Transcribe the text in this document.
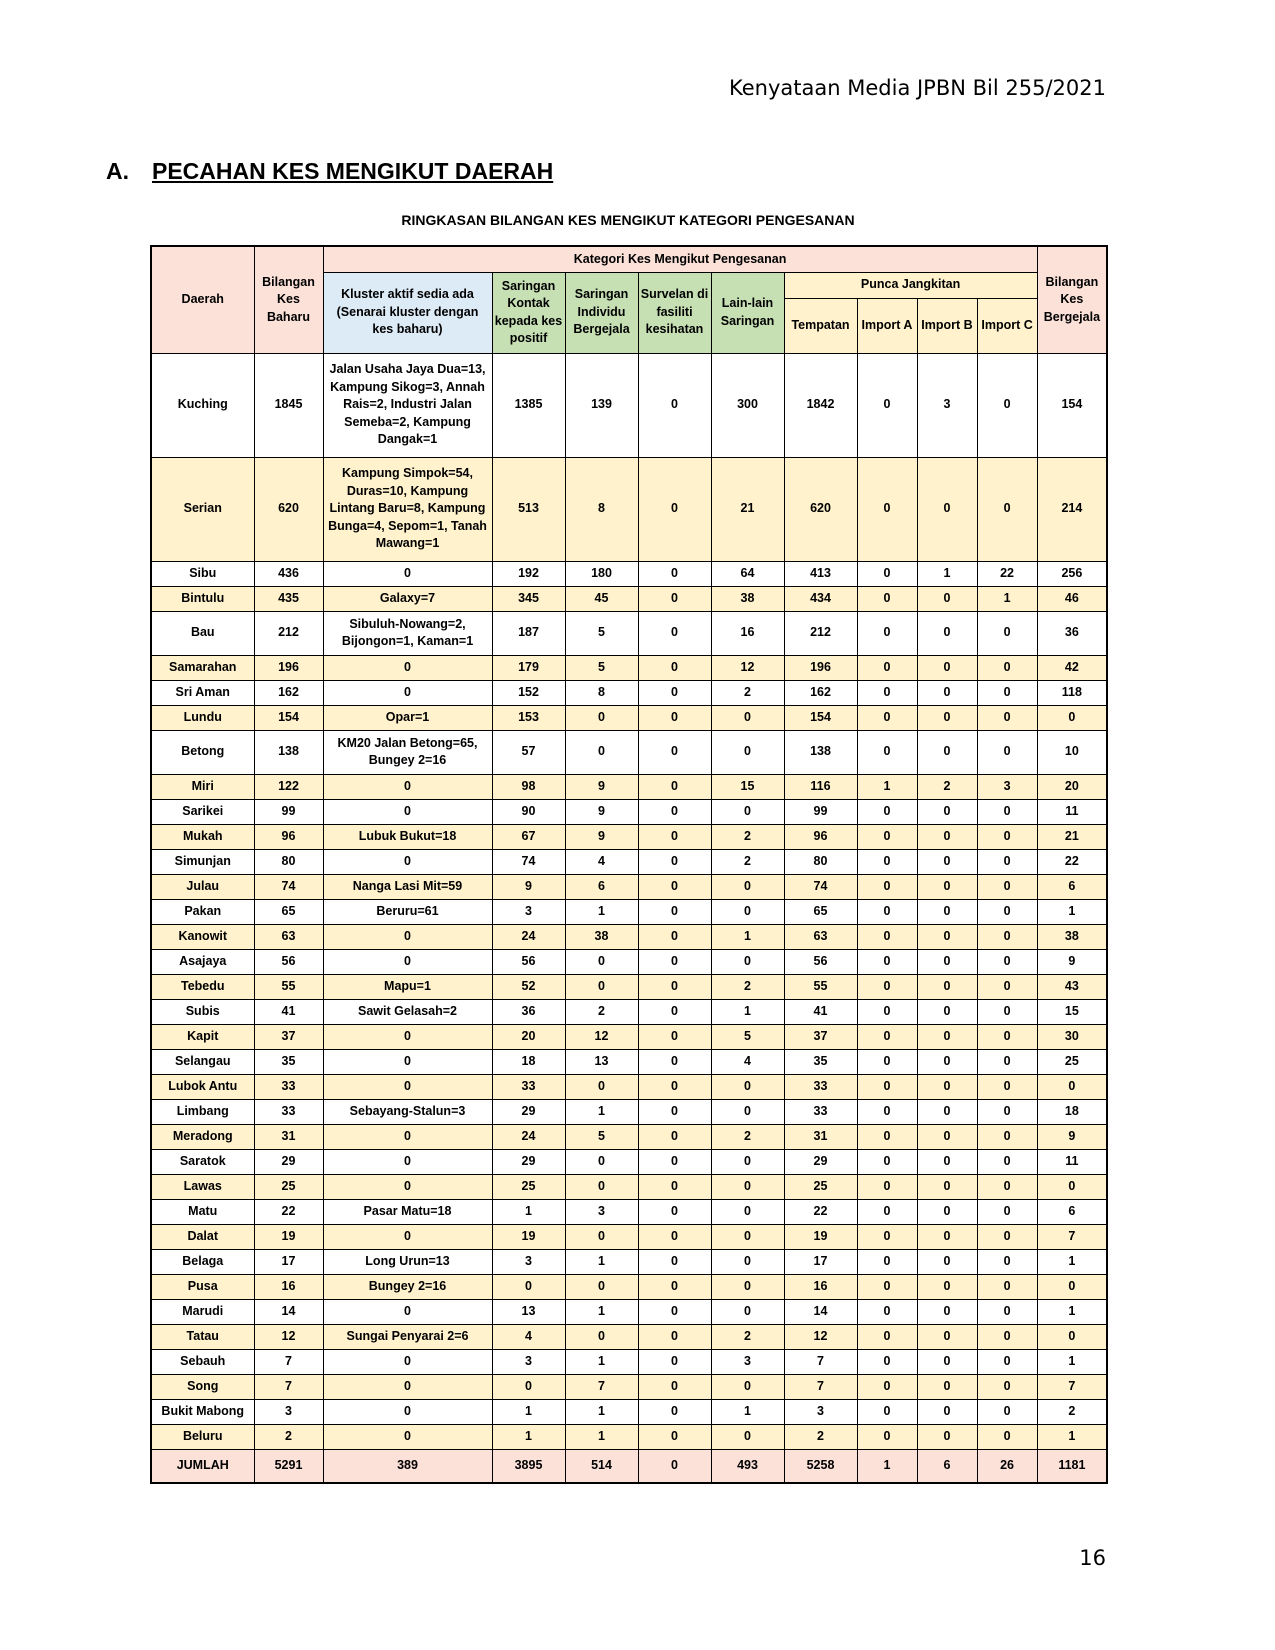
Kenyataan Media JPBN Bil 255/2021
A. PECAHAN KES MENGIKUT DAERAH
RINGKASAN BILANGAN KES MENGIKUT KATEGORI PENGESANAN
Daerah	Bilangan Kes Baharu	Kategori Kes Mengikut Pengesanan									Bilangan Kes Bergejala
		Kluster aktif sedia ada (Senarai kluster dengan kes baharu)	Saringan Kontak kepada kes positif	Saringan Individu Bergejala	Survelan di fasiliti kesihatan	Lain-lain Saringan	Punca Jangkitan				
							Tempatan	Import A	Import B	Import C	
Kuching	1845	Jalan Usaha Jaya Dua=13, Kampung Sikog=3, Annah Rais=2, Industri Jalan Semeba=2, Kampung Dangak=1	1385	139	0	300	1842	0	3	0	154
Serian	620	Kampung Simpok=54, Duras=10, Kampung Lintang Baru=8, Kampung Bunga=4, Sepom=1, Tanah Mawang=1	513	8	0	21	620	0	0	0	214
Sibu	436	0	192	180	0	64	413	0	1	22	256
Bintulu	435	Galaxy=7	345	45	0	38	434	0	0	1	46
Bau	212	Sibuluh-Nowang=2, Bijongon=1, Kaman=1	187	5	0	16	212	0	0	0	36
Samarahan	196	0	179	5	0	12	196	0	0	0	42
Sri Aman	162	0	152	8	0	2	162	0	0	0	118
Lundu	154	Opar=1	153	0	0	0	154	0	0	0	0
Betong	138	KM20 Jalan Betong=65, Bungey 2=16	57	0	0	0	138	0	0	0	10
Miri	122	0	98	9	0	15	116	1	2	3	20
Sarikei	99	0	90	9	0	0	99	0	0	0	11
Mukah	96	Lubuk Bukut=18	67	9	0	2	96	0	0	0	21
Simunjan	80	0	74	4	0	2	80	0	0	0	22
Julau	74	Nanga Lasi Mit=59	9	6	0	0	74	0	0	0	6
Pakan	65	Beruru=61	3	1	0	0	65	0	0	0	1
Kanowit	63	0	24	38	0	1	63	0	0	0	38
Asajaya	56	0	56	0	0	0	56	0	0	0	9
Tebedu	55	Mapu=1	52	0	0	2	55	0	0	0	43
Subis	41	Sawit Gelasah=2	36	2	0	1	41	0	0	0	15
Kapit	37	0	20	12	0	5	37	0	0	0	30
Selangau	35	0	18	13	0	4	35	0	0	0	25
Lubok Antu	33	0	33	0	0	0	33	0	0	0	0
Limbang	33	Sebayang-Stalun=3	29	1	0	0	33	0	0	0	18
Meradong	31	0	24	5	0	2	31	0	0	0	9
Saratok	29	0	29	0	0	0	29	0	0	0	11
Lawas	25	0	25	0	0	0	25	0	0	0	0
Matu	22	Pasar Matu=18	1	3	0	0	22	0	0	0	6
Dalat	19	0	19	0	0	0	19	0	0	0	7
Belaga	17	Long Urun=13	3	1	0	0	17	0	0	0	1
Pusa	16	Bungey 2=16	0	0	0	0	16	0	0	0	0
Marudi	14	0	13	1	0	0	14	0	0	0	1
Tatau	12	Sungai Penyarai 2=6	4	0	0	2	12	0	0	0	0
Sebauh	7	0	3	1	0	3	7	0	0	0	1
Song	7	0	0	7	0	0	7	0	0	0	7
Bukit Mabong	3	0	1	1	0	1	3	0	0	0	2
Beluru	2	0	1	1	0	0	2	0	0	0	1
JUMLAH	5291	389	3895	514	0	493	5258	1	6	26	1181
16
